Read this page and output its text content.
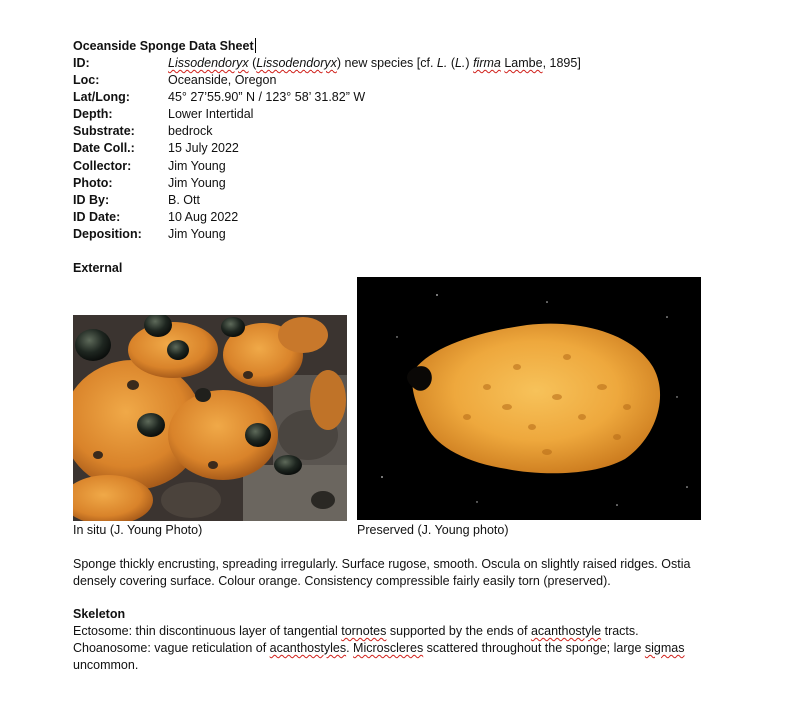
Oceanside Sponge Data Sheet
ID:	Lissodendoryx (Lissodendoryx) new species [cf. L. (L.) firma Lambe, 1895]
Loc:	Oceanside, Oregon
Lat/Long:	45° 27’55.90” N / 123° 58’ 31.82” W
Depth:	Lower Intertidal
Substrate:	bedrock
Date Coll.:	15 July 2022
Collector:	Jim Young
Photo:	Jim Young
ID By:	B. Ott
ID Date:	10 Aug 2022
Deposition: Jim Young
External
In situ (J. Young Photo)	Preserved (J. Young photo)
Sponge thickly encrusting, spreading irregularly. Surface rugose, smooth. Oscula on slightly raised ridges. Ostia densely covering surface. Colour orange. Consistency compressible fairly easily torn (preserved).
Skeleton
Ectosome: thin discontinuous layer of tangential tornotes supported by the ends of acanthostyle tracts.
Choanosome: vague reticulation of acanthostyles. Microscleres scattered throughout the sponge; large sigmas uncommon.
